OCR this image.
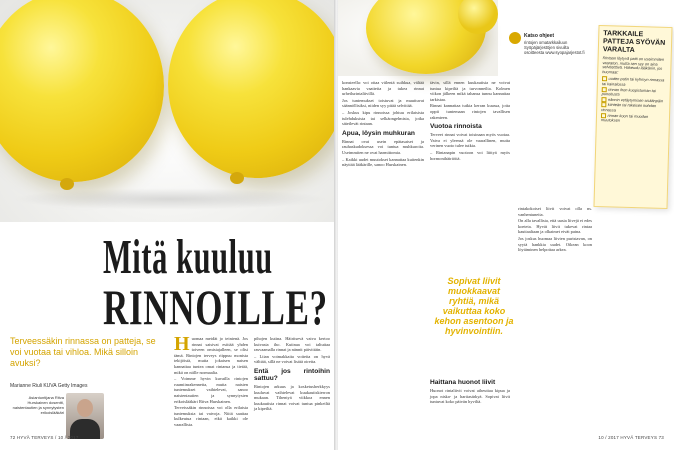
Mitä kuuluu
RINNOILLE?
Terveessäkin rinnassa on patteja, se voi vuotaa tai vihloa. Mikä silloin avuksi?
Marianne Riuli KUVA Getty Images
Asiantuntijana Ritva Hurskainen dosentti, naistentautien ja synnytysten erikoislääkäri

Huomaa meidät jo teinienä. Jos rinnat saisivat esittää yhden toiveen omistajalleen, se olisi tämä. Rintojen terveys riippuu monista tekijöistä, mutta jokaisen naisen kannattaa tuntea omat rintansa ja tietää, mikä on niille normaalia.

– Voimme hyvin kuvailla rintojen ruumiinrakennetta, mutta naisten tuntemukset vaihtelevat, sanoo naistentautien ja synnytysten erikoislääkäri Ritva Hurskainen.

Terveissäkin rinnoissa voi olla erilaisia tuntemuksia tai vaivoja. Niitä saattaa kulkeutua rintaan, eikä kaikki ole vaarallista.

pihojen kutina. Häiritsevä vaiva kertoo kuivasta iho. Kutinaa voi taltuttaa rasvaamalla rinnat ja nännit päivittäin.

– Liian voimakkaita voiteita on hyvä välttää, sillä ne voivat lisätä oireita.

Entä jos rintoihin sattuu?

Rintojen arkuus ja kosketusherkkyys kuuluvat vaihtelevat kuukautiskierron mukaan. Tihentyä viikkoa ennen kuukautisia rinnat voivat tuntua pinkeiltä ja kipeiltä.

72 HYVÄ TERVEYS / 10 / 2017
Katso ohjeet
rintojen omatarkkailuun Syöpäjärjestöjen sivuilta osoitteesta www.syopajarjestot.fi

konsteella: voi ottaa viilentä suihkua, vältää hankaavia vaatteita ja tukea rinnat urheilurintaliivillä.

Jos tuntemukset toistuvat ja muuttuvat säännöllisiksi, niiden syy pitää selvittää.

– Joskus kipu rinnoissa johtuu erilaisista tulehduksista tai selkäongelmista, jotka säteilevät rintaan.

Apua, löysin muhkuran

Rinnat ovat usein epätasaiset ja rauhaskudoksessa voi tuntua muhkuroita. Useimmiten ne ovat harmittomia.

– Kaikki uudet muutokset kannattaa kuitenkin näyttää lääkärille, sanoo Hurskainen.

tävin, sillä ennen kuukautisia ne voivat tuntua kipeiltä ja turvonneilta. Kolmen viikon jälkeen mikä tahansa tunnu kannattaa tarkistaa.

Rinnat kannattaa tutkia kerran kuussa, jotta oppii tuntemaan rintojen tavallisen rakenteen.

Vuotoa rinnoista

Terveet rinnat voivat toisinaan myös vuotaa. Vaiva ei yleensä ole vaarallinen, mutta verinen vuoto tulee tutkia.

– Rintanapin vuotoon voi liittyä myös hormonihäiriöitä.

Sopivat liivit muokkaavat ryhtiä, mikä vaikuttaa koko kehon asentoon ja hyvinvointiin.
Haittana huonot liivit

Huonot rintaliivit voivat aiheuttaa kipua ja jopa niska- ja hartiasärkyä. Sopivat liivit tuntuvat koko päivän hyviltä.

rintakokoiset liivit voivat olla ns. vanhentuneita.

On alla tavallista, että uusia liivejä ei edes koeteta. Hyvät liivit tukevat rintaa kauttaaltaan ja olkaimet eivät paina.

Jos joskus huomaa liivien puristavan, on syytä hankkia uudet. Oikean koon löytäminen helpottaa arkea.

TARKKAILE PATTEJA SYÖVÄN VARALTA
Rintaan löytyvä patti on useimmiten vaaraton, mutta sen syy on aina selvitettävä. Hakeudu lääkäriin, jos huomaat:
uuden patin tai kyhmyn rinnassa tai kainalossa
rinnan ihon kuopistuman tai punoitusta
nännin vetäytymisen sisäänpäin
kiinteän tai rakeisen kohdan rinnassa
rinnan koon tai muodon muutoksen
10 / 2017 HYVÄ TERVEYS 73
